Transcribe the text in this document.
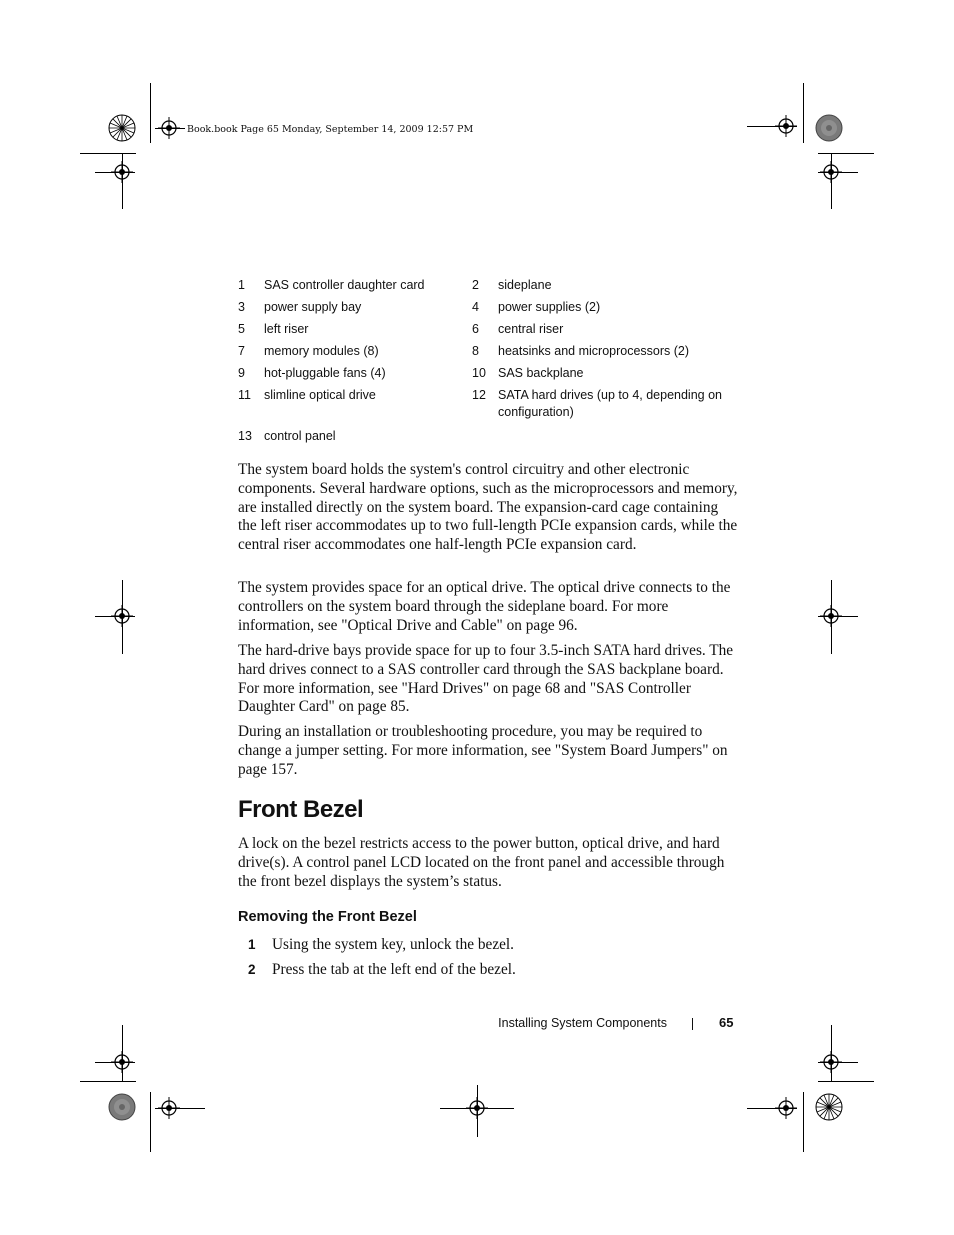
Book.book Page 65 Monday, September 14, 2009 12:57 PM
1	SAS controller daughter card	2	sideplane
3	power supply bay	4	power supplies (2)
5	left riser	6	central riser
7	memory modules (8)	8	heatsinks and microprocessors (2)
9	hot-pluggable fans (4)	10	SAS backplane
11	slimline optical drive	12	SATA hard drives (up to 4, depending on configuration)
13	control panel		

The system board holds the system's control circuitry and other electronic components. Several hardware options, such as the microprocessors and memory, are installed directly on the system board. The expansion-card cage containing the left riser accommodates up to two full-length PCIe expansion cards, while the central riser accommodates one half-length PCIe expansion card.

The system provides space for an optical drive. The optical drive connects to the controllers on the system board through the sideplane board. For more information, see "Optical Drive and Cable" on page 96.

The hard-drive bays provide space for up to four 3.5-inch SATA hard drives. The hard drives connect to a SAS controller card through the SAS backplane board. For more information, see "Hard Drives" on page 68 and "SAS Controller Daughter Card" on page 85.

During an installation or troubleshooting procedure, you may be required to change a jumper setting. For more information, see "System Board Jumpers" on page 157.

Front Bezel

A lock on the bezel restricts access to the power button, optical drive, and hard drive(s). A control panel LCD located on the front panel and accessible through the front bezel displays the system’s status.

Removing the Front Bezel
1 Using the system key, unlock the bezel.
2 Press the tab at the left end of the bezel.
Installing System Components	65
